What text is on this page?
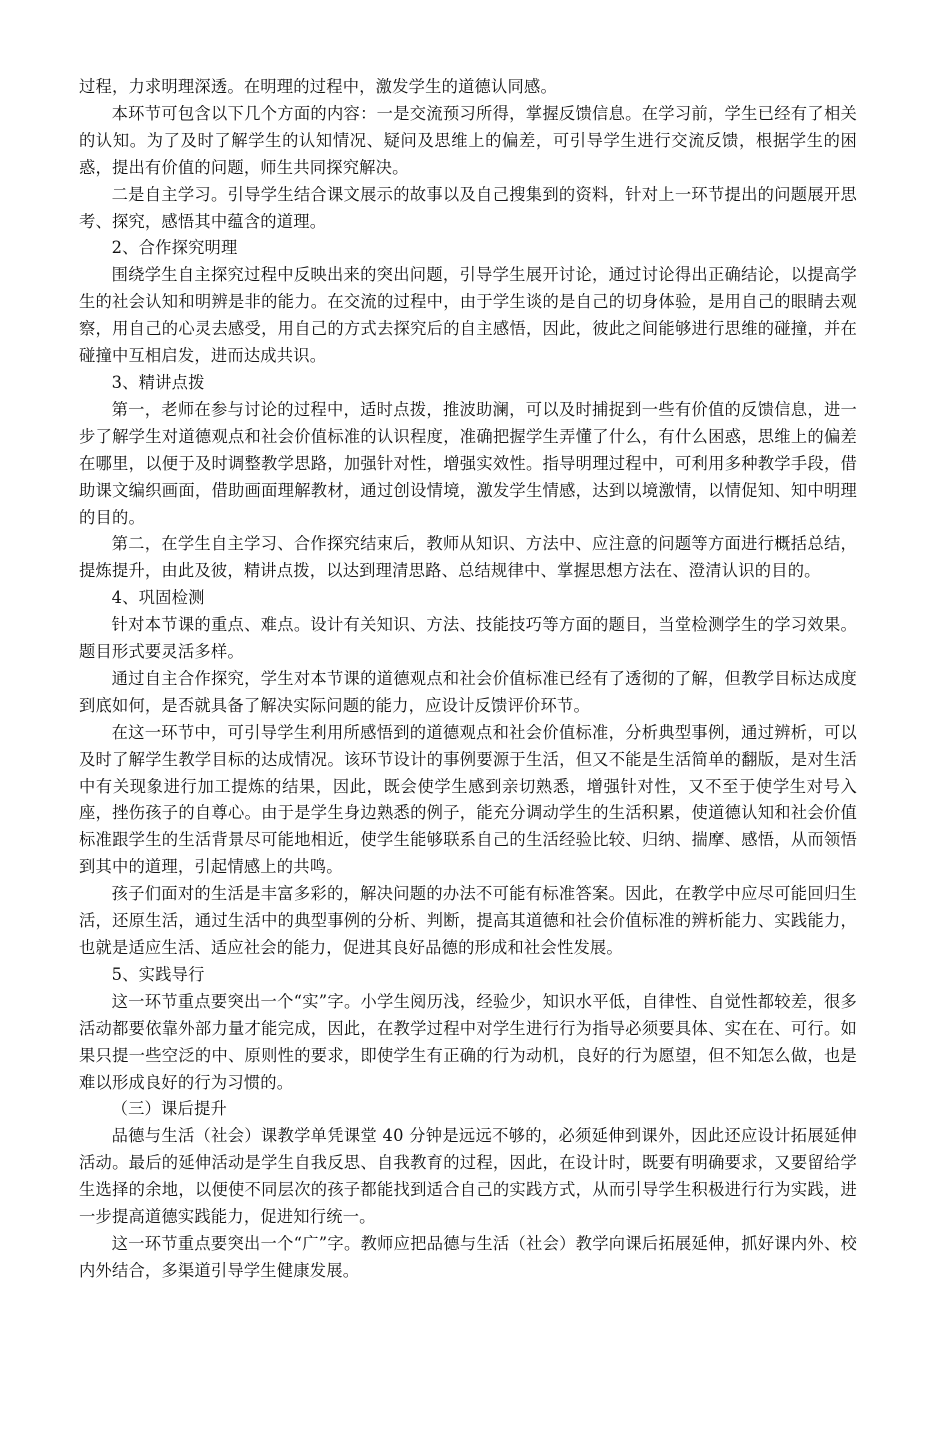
过程，力求明理深透。在明理的过程中，激发学生的道德认同感。

本环节可包含以下几个方面的内容：一是交流预习所得，掌握反馈信息。在学习前，学生已经有了相关的认知。为了及时了解学生的认知情况、疑问及思维上的偏差，可引导学生进行交流反馈，根据学生的困惑，提出有价值的问题，师生共同探究解决。

二是自主学习。引导学生结合课文展示的故事以及自己搜集到的资料，针对上一环节提出的问题展开思考、探究，感悟其中蕴含的道理。

2、合作探究明理

围绕学生自主探究过程中反映出来的突出问题，引导学生展开讨论，通过讨论得出正确结论，以提高学生的社会认知和明辨是非的能力。在交流的过程中，由于学生谈的是自己的切身体验，是用自己的眼睛去观察，用自己的心灵去感受，用自己的方式去探究后的自主感悟，因此，彼此之间能够进行思维的碰撞，并在碰撞中互相启发，进而达成共识。

3、精讲点拨

第一，老师在参与讨论的过程中，适时点拨，推波助澜，可以及时捕捉到一些有价值的反馈信息，进一步了解学生对道德观点和社会价值标准的认识程度，准确把握学生弄懂了什么，有什么困惑，思维上的偏差在哪里，以便于及时调整教学思路，加强针对性，增强实效性。指导明理过程中，可利用多种教学手段，借助课文编织画面，借助画面理解教材，通过创设情境，激发学生情感，达到以境激情，以情促知、知中明理的目的。

第二，在学生自主学习、合作探究结束后，教师从知识、方法中、应注意的问题等方面进行概括总结，提炼提升，由此及彼，精讲点拨，以达到理清思路、总结规律中、掌握思想方法在、澄清认识的目的。

4、巩固检测

针对本节课的重点、难点。设计有关知识、方法、技能技巧等方面的题目，当堂检测学生的学习效果。题目形式要灵活多样。

通过自主合作探究，学生对本节课的道德观点和社会价值标准已经有了透彻的了解，但教学目标达成度到底如何，是否就具备了解决实际问题的能力，应设计反馈评价环节。

在这一环节中，可引导学生利用所感悟到的道德观点和社会价值标准，分析典型事例，通过辨析，可以及时了解学生教学目标的达成情况。该环节设计的事例要源于生活，但又不能是生活简单的翻版，是对生活中有关现象进行加工提炼的结果，因此，既会使学生感到亲切熟悉，增强针对性，又不至于使学生对号入座，挫伤孩子的自尊心。由于是学生身边熟悉的例子，能充分调动学生的生活积累，使道德认知和社会价值标准跟学生的生活背景尽可能地相近，使学生能够联系自己的生活经验比较、归纳、揣摩、感悟，从而领悟到其中的道理，引起情感上的共鸣。

孩子们面对的生活是丰富多彩的，解决问题的办法不可能有标准答案。因此，在教学中应尽可能回归生活，还原生活，通过生活中的典型事例的分析、判断，提高其道德和社会价值标准的辨析能力、实践能力，也就是适应生活、适应社会的能力，促进其良好品德的形成和社会性发展。

5、实践导行

这一环节重点要突出一个“实”字。小学生阅历浅，经验少，知识水平低，自律性、自觉性都较差，很多活动都要依靠外部力量才能完成，因此，在教学过程中对学生进行行为指导必须要具体、实在在、可行。如果只提一些空泛的中、原则性的要求，即使学生有正确的行为动机，良好的行为愿望，但不知怎么做，也是难以形成良好的行为习惯的。

（三）课后提升

品德与生活（社会）课教学单凭课堂 40 分钟是远远不够的，必须延伸到课外，因此还应设计拓展延伸活动。最后的延伸活动是学生自我反思、自我教育的过程，因此，在设计时，既要有明确要求，又要留给学生选择的余地，以便使不同层次的孩子都能找到适合自己的实践方式，从而引导学生积极进行行为实践，进一步提高道德实践能力，促进知行统一。

这一环节重点要突出一个“广”字。教师应把品德与生活（社会）教学向课后拓展延伸，抓好课内外、校内外结合，多渠道引导学生健康发展。
